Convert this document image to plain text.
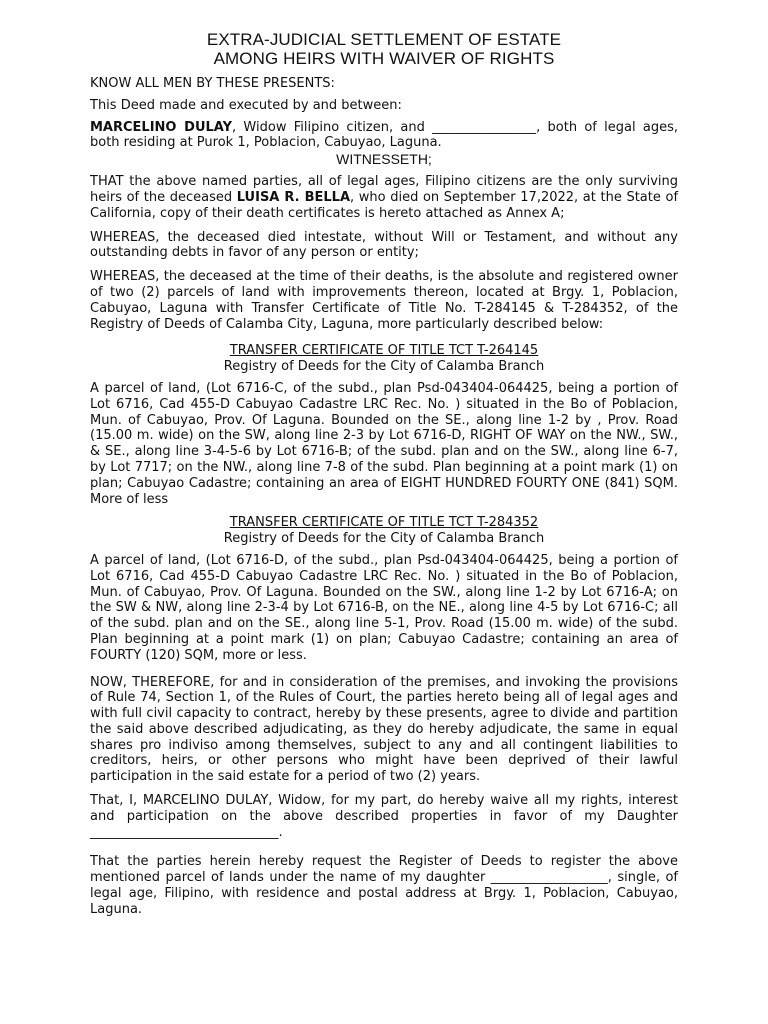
EXTRA-JUDICIAL SETTLEMENT OF ESTATE
AMONG HEIRS WITH WAIVER OF RIGHTS

KNOW ALL MEN BY THESE PRESENTS:

This Deed made and executed by and between:

MARCELINO DULAY, Widow Filipino citizen, and ________________, both of legal ages, both residing at Purok 1, Poblacion, Cabuyao, Laguna.

WITNESSETH;

THAT the above named parties, all of legal ages, Filipino citizens are the only surviving heirs of the deceased LUISA R. BELLA, who died on September 17,2022, at the State of California, copy of their death certificates is hereto attached as Annex A;

WHEREAS, the deceased died intestate, without Will or Testament, and without any outstanding debts in favor of any person or entity;

WHEREAS, the deceased at the time of their deaths, is the absolute and registered owner of two (2) parcels of land with improvements thereon, located at Brgy. 1, Poblacion, Cabuyao, Laguna with Transfer Certificate of Title No. T-284145 & T-284352, of the Registry of Deeds of Calamba City, Laguna, more particularly described below:

TRANSFER CERTIFICATE OF TITLE TCT T-264145
Registry of Deeds for the City of Calamba Branch

A parcel of land, (Lot 6716-C, of the subd., plan Psd-043404-064425, being a portion of Lot 6716, Cad 455-D Cabuyao Cadastre LRC Rec. No. ) situated in the Bo of Poblacion, Mun. of Cabuyao, Prov. Of Laguna. Bounded on the SE., along line 1-2 by , Prov. Road (15.00 m. wide) on the SW, along line 2-3 by Lot 6716-D, RIGHT OF WAY on the NW., SW., & SE., along line 3-4-5-6 by Lot 6716-B; of the subd. plan and on the SW., along line 6-7, by Lot 7717; on the NW., along line 7-8 of the subd. Plan beginning at a point mark (1) on plan; Cabuyao Cadastre; containing an area of EIGHT HUNDRED FOURTY ONE (841) SQM. More of less

TRANSFER CERTIFICATE OF TITLE TCT T-284352
Registry of Deeds for the City of Calamba Branch

A parcel of land, (Lot 6716-D, of the subd., plan Psd-043404-064425, being a portion of Lot 6716, Cad 455-D Cabuyao Cadastre LRC Rec. No. ) situated in the Bo of Poblacion, Mun. of Cabuyao, Prov. Of Laguna. Bounded on the SW., along line 1-2 by Lot 6716-A; on the SW & NW, along line 2-3-4 by Lot 6716-B, on the NE., along line 4-5 by Lot 6716-C; all of the subd. plan and on the SE., along line 5-1, Prov. Road (15.00 m. wide) of the subd. Plan beginning at a point mark (1) on plan; Cabuyao Cadastre; containing an area of FOURTY (120) SQM, more or less.

NOW, THEREFORE, for and in consideration of the premises, and invoking the provisions of Rule 74, Section 1, of the Rules of Court, the parties hereto being all of legal ages and with full civil capacity to contract, hereby by these presents, agree to divide and partition the said above described adjudicating, as they do hereby adjudicate, the same in equal shares pro indiviso among themselves, subject to any and all contingent liabilities to creditors, heirs, or other persons who might have been deprived of their lawful participation in the said estate for a period of two (2) years.

That, I, MARCELINO DULAY, Widow, for my part, do hereby waive all my rights, interest and participation on the above described properties in favor of my Daughter _____________________________.

That the parties herein hereby request the Register of Deeds to register the above mentioned parcel of lands under the name of my daughter __________________, single, of legal age, Filipino, with residence and postal address at Brgy. 1, Poblacion, Cabuyao, Laguna.
